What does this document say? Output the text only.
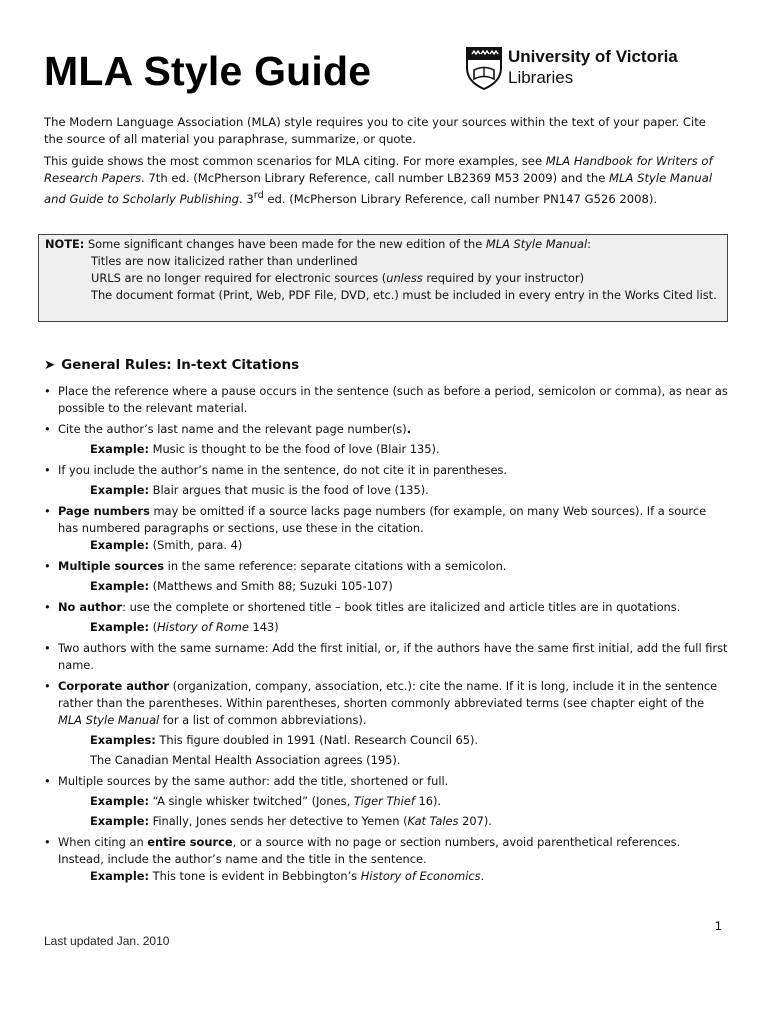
MLA Style Guide	University of Victoria
Libraries
The Modern Language Association (MLA) style requires you to cite your sources within the text of your paper. Cite the source of all material you paraphrase, summarize, or quote.
This guide shows the most common scenarios for MLA citing. For more examples, see MLA Handbook for Writers of Research Papers. 7th ed. (McPherson Library Reference, call number LB2369 M53 2009) and the MLA Style Manual and Guide to Scholarly Publishing. 3rd ed. (McPherson Library Reference, call number PN147 G526 2008).
NOTE: Some significant changes have been made for the new edition of the MLA Style Manual:
Titles are now italicized rather than underlined
URLS are no longer required for electronic sources (unless required by your instructor)
The document format (Print, Web, PDF File, DVD, etc.) must be included in every entry in the Works Cited list.
➤ General Rules: In-text Citations
• Place the reference where a pause occurs in the sentence (such as before a period, semicolon or comma), as near as possible to the relevant material.
• Cite the author’s last name and the relevant page number(s).
Example: Music is thought to be the food of love (Blair 135).
• If you include the author’s name in the sentence, do not cite it in parentheses.
Example: Blair argues that music is the food of love (135).
• Page numbers may be omitted if a source lacks page numbers (for example, on many Web sources). If a source has numbered paragraphs or sections, use these in the citation.
Example: (Smith, para. 4)
• Multiple sources in the same reference: separate citations with a semicolon.
Example: (Matthews and Smith 88; Suzuki 105-107)
• No author: use the complete or shortened title – book titles are italicized and article titles are in quotations.
Example: (History of Rome 143)
• Two authors with the same surname: Add the first initial, or, if the authors have the same first initial, add the full first name.
• Corporate author (organization, company, association, etc.): cite the name. If it is long, include it in the sentence rather than the parentheses. Within parentheses, shorten commonly abbreviated terms (see chapter eight of the MLA Style Manual for a list of common abbreviations).
Examples: This figure doubled in 1991 (Natl. Research Council 65).
The Canadian Mental Health Association agrees (195).
• Multiple sources by the same author: add the title, shortened or full.
Example: “A single whisker twitched” (Jones, Tiger Thief 16).
Example: Finally, Jones sends her detective to Yemen (Kat Tales 207).
• When citing an entire source, or a source with no page or section numbers, avoid parenthetical references. Instead, include the author’s name and the title in the sentence.
Example: This tone is evident in Bebbington’s History of Economics.
1
Last updated Jan. 2010
